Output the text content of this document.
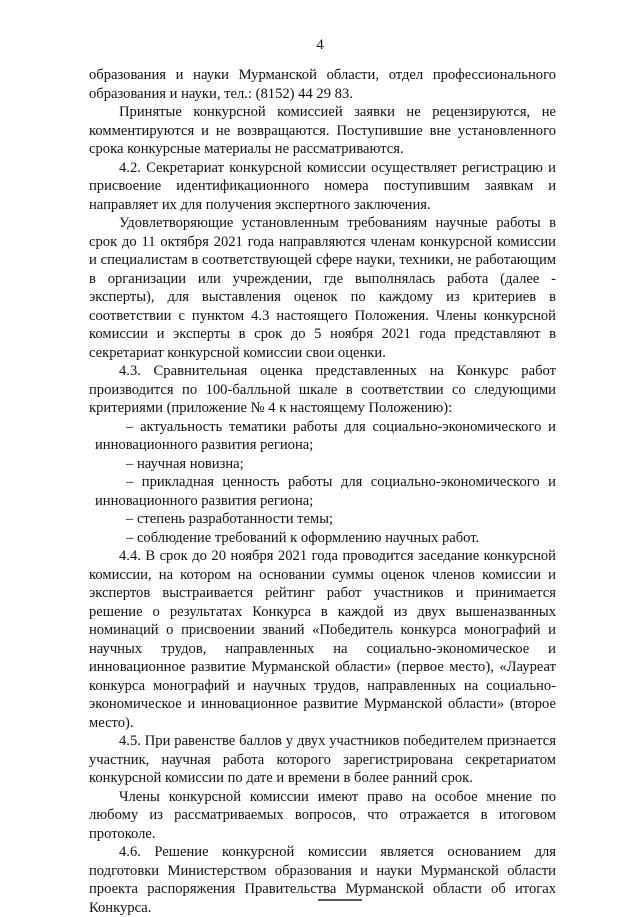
4

образования и науки Мурманской области, отдел профессионального образования и науки, тел.: (8152) 44 29 83.

Принятые конкурсной комиссией заявки не рецензируются, не комментируются и не возвращаются. Поступившие вне установленного срока конкурсные материалы не рассматриваются.

4.2. Секретариат конкурсной комиссии осуществляет регистрацию и присвоение идентификационного номера поступившим заявкам и направляет их для получения экспертного заключения.

Удовлетворяющие установленным требованиям научные работы в срок до 11 октября 2021 года направляются членам конкурсной комиссии и специалистам в соответствующей сфере науки, техники, не работающим в организации или учреждении, где выполнялась работа (далее - эксперты), для выставления оценок по каждому из критериев в соответствии с пунктом 4.3 настоящего Положения. Члены конкурсной комиссии и эксперты в срок до 5 ноября 2021 года представляют в секретариат конкурсной комиссии свои оценки.

4.3. Сравнительная оценка представленных на Конкурс работ производится по 100-балльной шкале в соответствии со следующими критериями (приложение № 4 к настоящему Положению):

– актуальность тематики работы для социально-экономического и инновационного развития региона;
– научная новизна;
– прикладная ценность работы для социально-экономического и инновационного развития региона;
– степень разработанности темы;
– соблюдение требований к оформлению научных работ.

4.4. В срок до 20 ноября 2021 года проводится заседание конкурсной комиссии, на котором на основании суммы оценок членов комиссии и экспертов выстраивается рейтинг работ участников и принимается решение о результатах Конкурса в каждой из двух вышеназванных номинаций о присвоении званий «Победитель конкурса монографий и научных трудов, направленных на социально-экономическое и инновационное развитие Мурманской области» (первое место), «Лауреат конкурса монографий и научных трудов, направленных на социально-экономическое и инновационное развитие Мурманской области» (второе место).

4.5. При равенстве баллов у двух участников победителем признается участник, научная работа которого зарегистрирована секретариатом конкурсной комиссии по дате и времени в более ранний срок.

Члены конкурсной комиссии имеют право на особое мнение по любому из рассматриваемых вопросов, что отражается в итоговом протоколе.

4.6. Решение конкурсной комиссии является основанием для подготовки Министерством образования и науки Мурманской области проекта распоряжения Правительства Мурманской области об итогах Конкурса.
